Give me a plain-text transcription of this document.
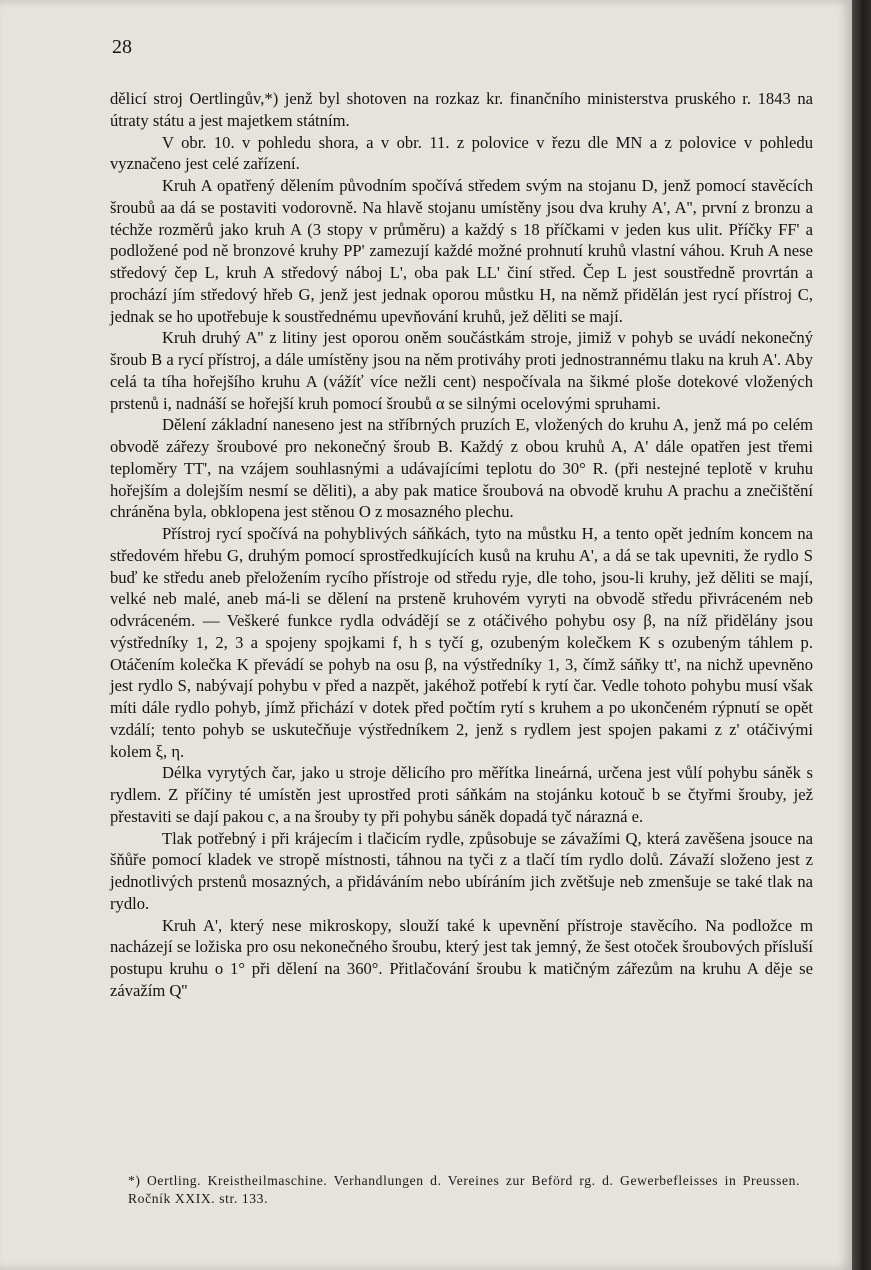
28

dělicí stroj Oertlingův,*) jenž byl shotoven na rozkaz kr. finančního ministerstva pruského r. 1843 na útraty státu a jest majetkem státním.

V obr. 10. v pohledu shora, a v obr. 11. z polovice v řezu dle MN a z polovice v pohledu vyznačeno jest celé zařízení.

Kruh A opatřený dělením původním spočívá středem svým na stojanu D, jenž pomocí stavěcích šroubů aa dá se postaviti vodorovně. Na hlavě stojanu umístěny jsou dva kruhy A', A'', první z bronzu a téchže rozměrů jako kruh A (3 stopy v průměru) a každý s 18 příčkami v jeden kus ulit. Příčky FF' a podložené pod ně bronzové kruhy PP' zamezují každé možné prohnutí kruhů vlastní váhou. Kruh A nese středový čep L, kruh A středový náboj L', oba pak LL' činí střed. Čep L jest soustředně provrtán a prochází jím středový hřeb G, jenž jest jednak oporou můstku H, na němž přidělán jest rycí přístroj C, jednak se ho upotřebuje k soustřednému upevňování kruhů, jež děliti se mají.

Kruh druhý A'' z litiny jest oporou oněm součástkám stroje, jimiž v pohyb se uvádí nekonečný šroub B a rycí přístroj, a dále umístěny jsou na něm protiváhy proti jednostrannému tlaku na kruh A'. Aby celá ta tíha hořejšího kruhu A (vážíť více nežli cent) nespočívala na šikmé ploše dotekové vložených prstenů i, nadnáší se hořejší kruh pomocí šroubů α se silnými ocelovými spruhami.

Dělení základní naneseno jest na stříbrných pruzích E, vložených do kruhu A, jenž má po celém obvodě zářezy šroubové pro nekonečný šroub B. Každý z obou kruhů A, A' dále opatřen jest třemi teploměry TT', na vzájem souhlasnými a udávajícími teplotu do 30° R. (při nestejné teplotě v kruhu hořejším a dolejším nesmí se děliti), a aby pak matice šroubová na obvodě kruhu A prachu a znečištění chráněna byla, obklopena jest stěnou O z mosazného plechu.

Přístroj rycí spočívá na pohyblivých sáňkách, tyto na můstku H, a tento opět jedním koncem na středovém hřebu G, druhým pomocí sprostředkujících kusů na kruhu A', a dá se tak upevniti, že rydlo S buď ke středu aneb přeložením rycího přístroje od středu ryje, dle toho, jsou-li kruhy, jež děliti se mají, velké neb malé, aneb má-li se dělení na prstenĕ kruhovém vyryti na obvodě středu přivráceném neb odvráceném. — Veškeré funkce rydla odvádějí se z otáčivého pohybu osy β, na níž přidělány jsou výstředníky 1, 2, 3 a spojeny spojkami f, h s tyčí g, ozubeným kolečkem K s ozubeným táhlem p. Otáčením kolečka K převádí se pohyb na osu β, na výstředníky 1, 3, čímž sáňky tt', na nichž upevněno jest rydlo S, nabývají pohybu v před a nazpět, jakéhož potřebí k rytí čar. Vedle tohoto pohybu musí však míti dále rydlo pohyb, jímž přichází v dotek před počtím rytí s kruhem a po ukončeném rýpnutí se opět vzdálí; tento pohyb se uskutečňuje výstředníkem 2, jenž s rydlem jest spojen pakami z z' otáčivými kolem ξ, η.

Délka vyrytých čar, jako u stroje dělicího pro měřítka lineárná, určena jest vůlí pohybu sáněk s rydlem. Z příčiny té umístěn jest uprostřed proti sáňkám na stojánku kotouč b se čtyřmi šrouby, jež přestaviti se dají pakou c, a na šrouby ty při pohybu sáněk dopadá tyč nárazná e.

Tlak potřebný i při krájecím i tlačicím rydle, způsobuje se závažími Q, která zavěšena jsouce na šňůře pomocí kladek ve stropě místnosti, táhnou na tyči z a tlačí tím rydlo dolů. Závaží složeno jest z jednotlivých prstenů mosazných, a přidáváním nebo ubíráním jich zvětšuje neb zmenšuje se také tlak na rydlo.

Kruh A', který nese mikroskopy, slouží také k upevnění přístroje stavěcího. Na podložce m nacházejí se ložiska pro osu nekonečného šroubu, který jest tak jemný, že šest otoček šroubových přísluší postupu kruhu o 1° při dělení na 360°. Přitlačování šroubu k matičným zářezům na kruhu A děje se závažím Q''

*) Oertling. Kreistheilmaschine. Verhandlungen d. Vereines zur Beförd rg. d. Gewerbefleisses in Preussen. Ročník XXIX. str. 133.
